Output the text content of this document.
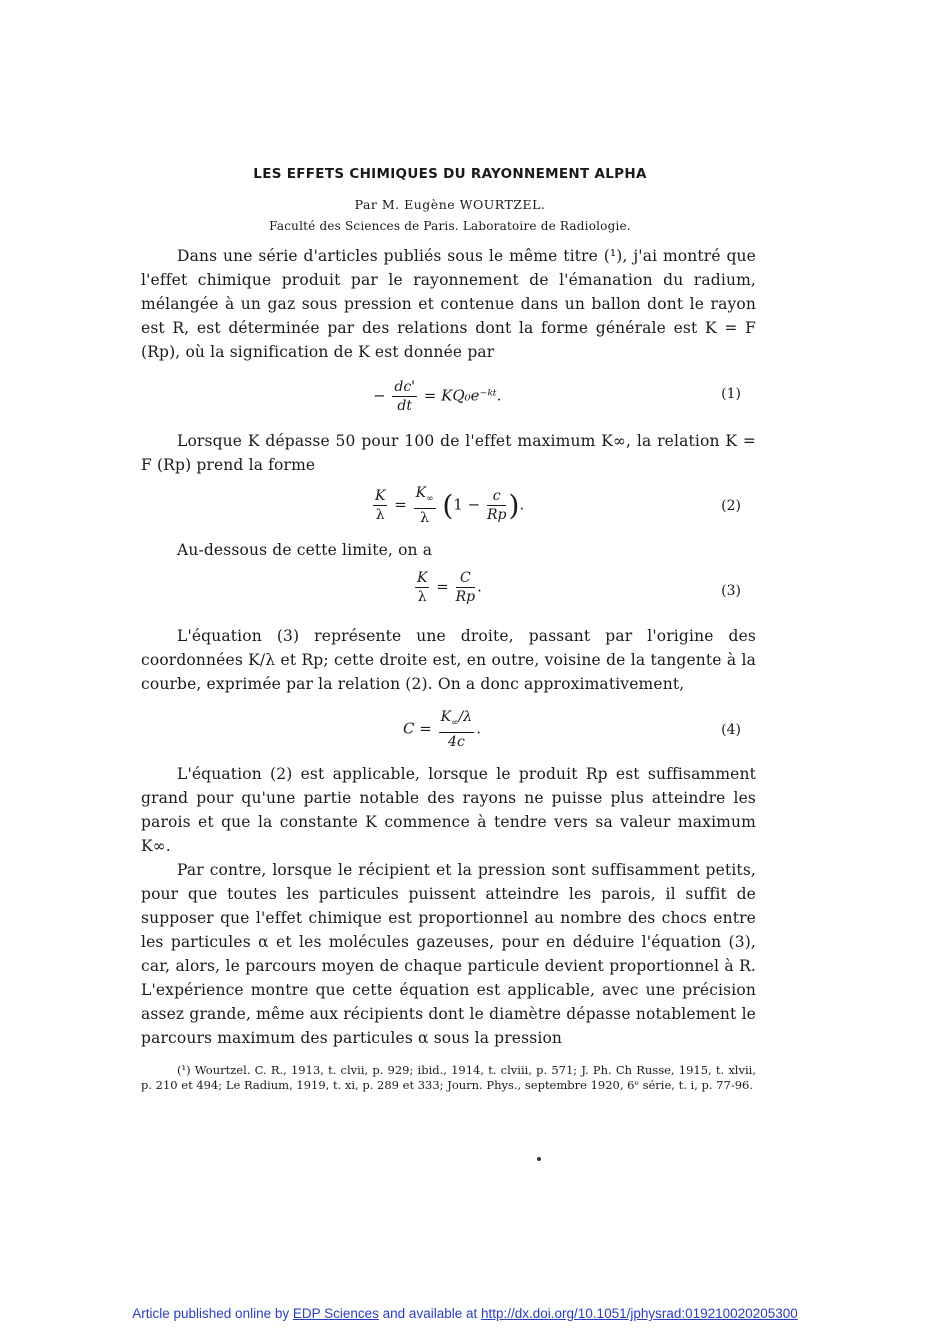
LES EFFETS CHIMIQUES DU RAYONNEMENT ALPHA
Par M. Eugène WOURTZEL.
Faculté des Sciences de Paris. Laboratoire de Radiologie.
Dans une série d'articles publiés sous le même titre (¹), j'ai montré que l'effet chimique produit par le rayonnement de l'émanation du radium, mélangée à un gaz sous pression et contenue dans un ballon dont le rayon est R, est déterminée par des relations dont la forme générale est K = F (Rp), où la signification de K est donnée par
− $\frac{dc'}{dt}$ = KQ₀e⁻ᵏᵗ.	(1)
Lorsque K dépasse 50 pour 100 de l'effet maximum K∞, la relation K = F (Rp) prend la forme
$\frac{K}{\lambda} = \frac{K_\infty}{\lambda} (1 - \frac{c}{Rp}$ ).	(2)
Au-dessous de cette limite, on a
$\frac{K}{\lambda} = \frac{C}{Rp}$ .	(3)
L'équation (3) représente une droite, passant par l'origine des coordonnées K/λ et Rp; cette droite est, en outre, voisine de la tangente à la courbe, exprimée par la relation (2). On a donc approximativement,
$C = \frac{K_\infty/\lambda}{4c}$ .	(4)
L'équation (2) est applicable, lorsque le produit Rp est suffisamment grand pour qu'une partie notable des rayons ne puisse plus atteindre les parois et que la constante K commence à tendre vers sa valeur maximum K∞.
Par contre, lorsque le récipient et la pression sont suffisamment petits, pour que toutes les particules puissent atteindre les parois, il suffit de supposer que l'effet chimique est proportionnel au nombre des chocs entre les particules α et les molécules gazeuses, pour en déduire l'équation (3), car, alors, le parcours moyen de chaque particule devient proportionnel à R. L'expérience montre que cette équation est applicable, avec une précision assez grande, même aux récipients dont le diamètre dépasse notablement le parcours maximum des particules α sous la pression
(¹) Wourtzel. C. R., 1913, t. clvii, p. 929; ibid., 1914, t. clviii, p. 571; J. Ph. Ch Russe, 1915, t. xlvii, p. 210 et 494; Le Radium, 1919, t. xi, p. 289 et 333; Journ. Phys., septembre 1920, 6ᵉ série, t. i, p. 77-96.
Article published online by EDP Sciences and available at http://dx.doi.org/10.1051/jphysrad:019210020205300
